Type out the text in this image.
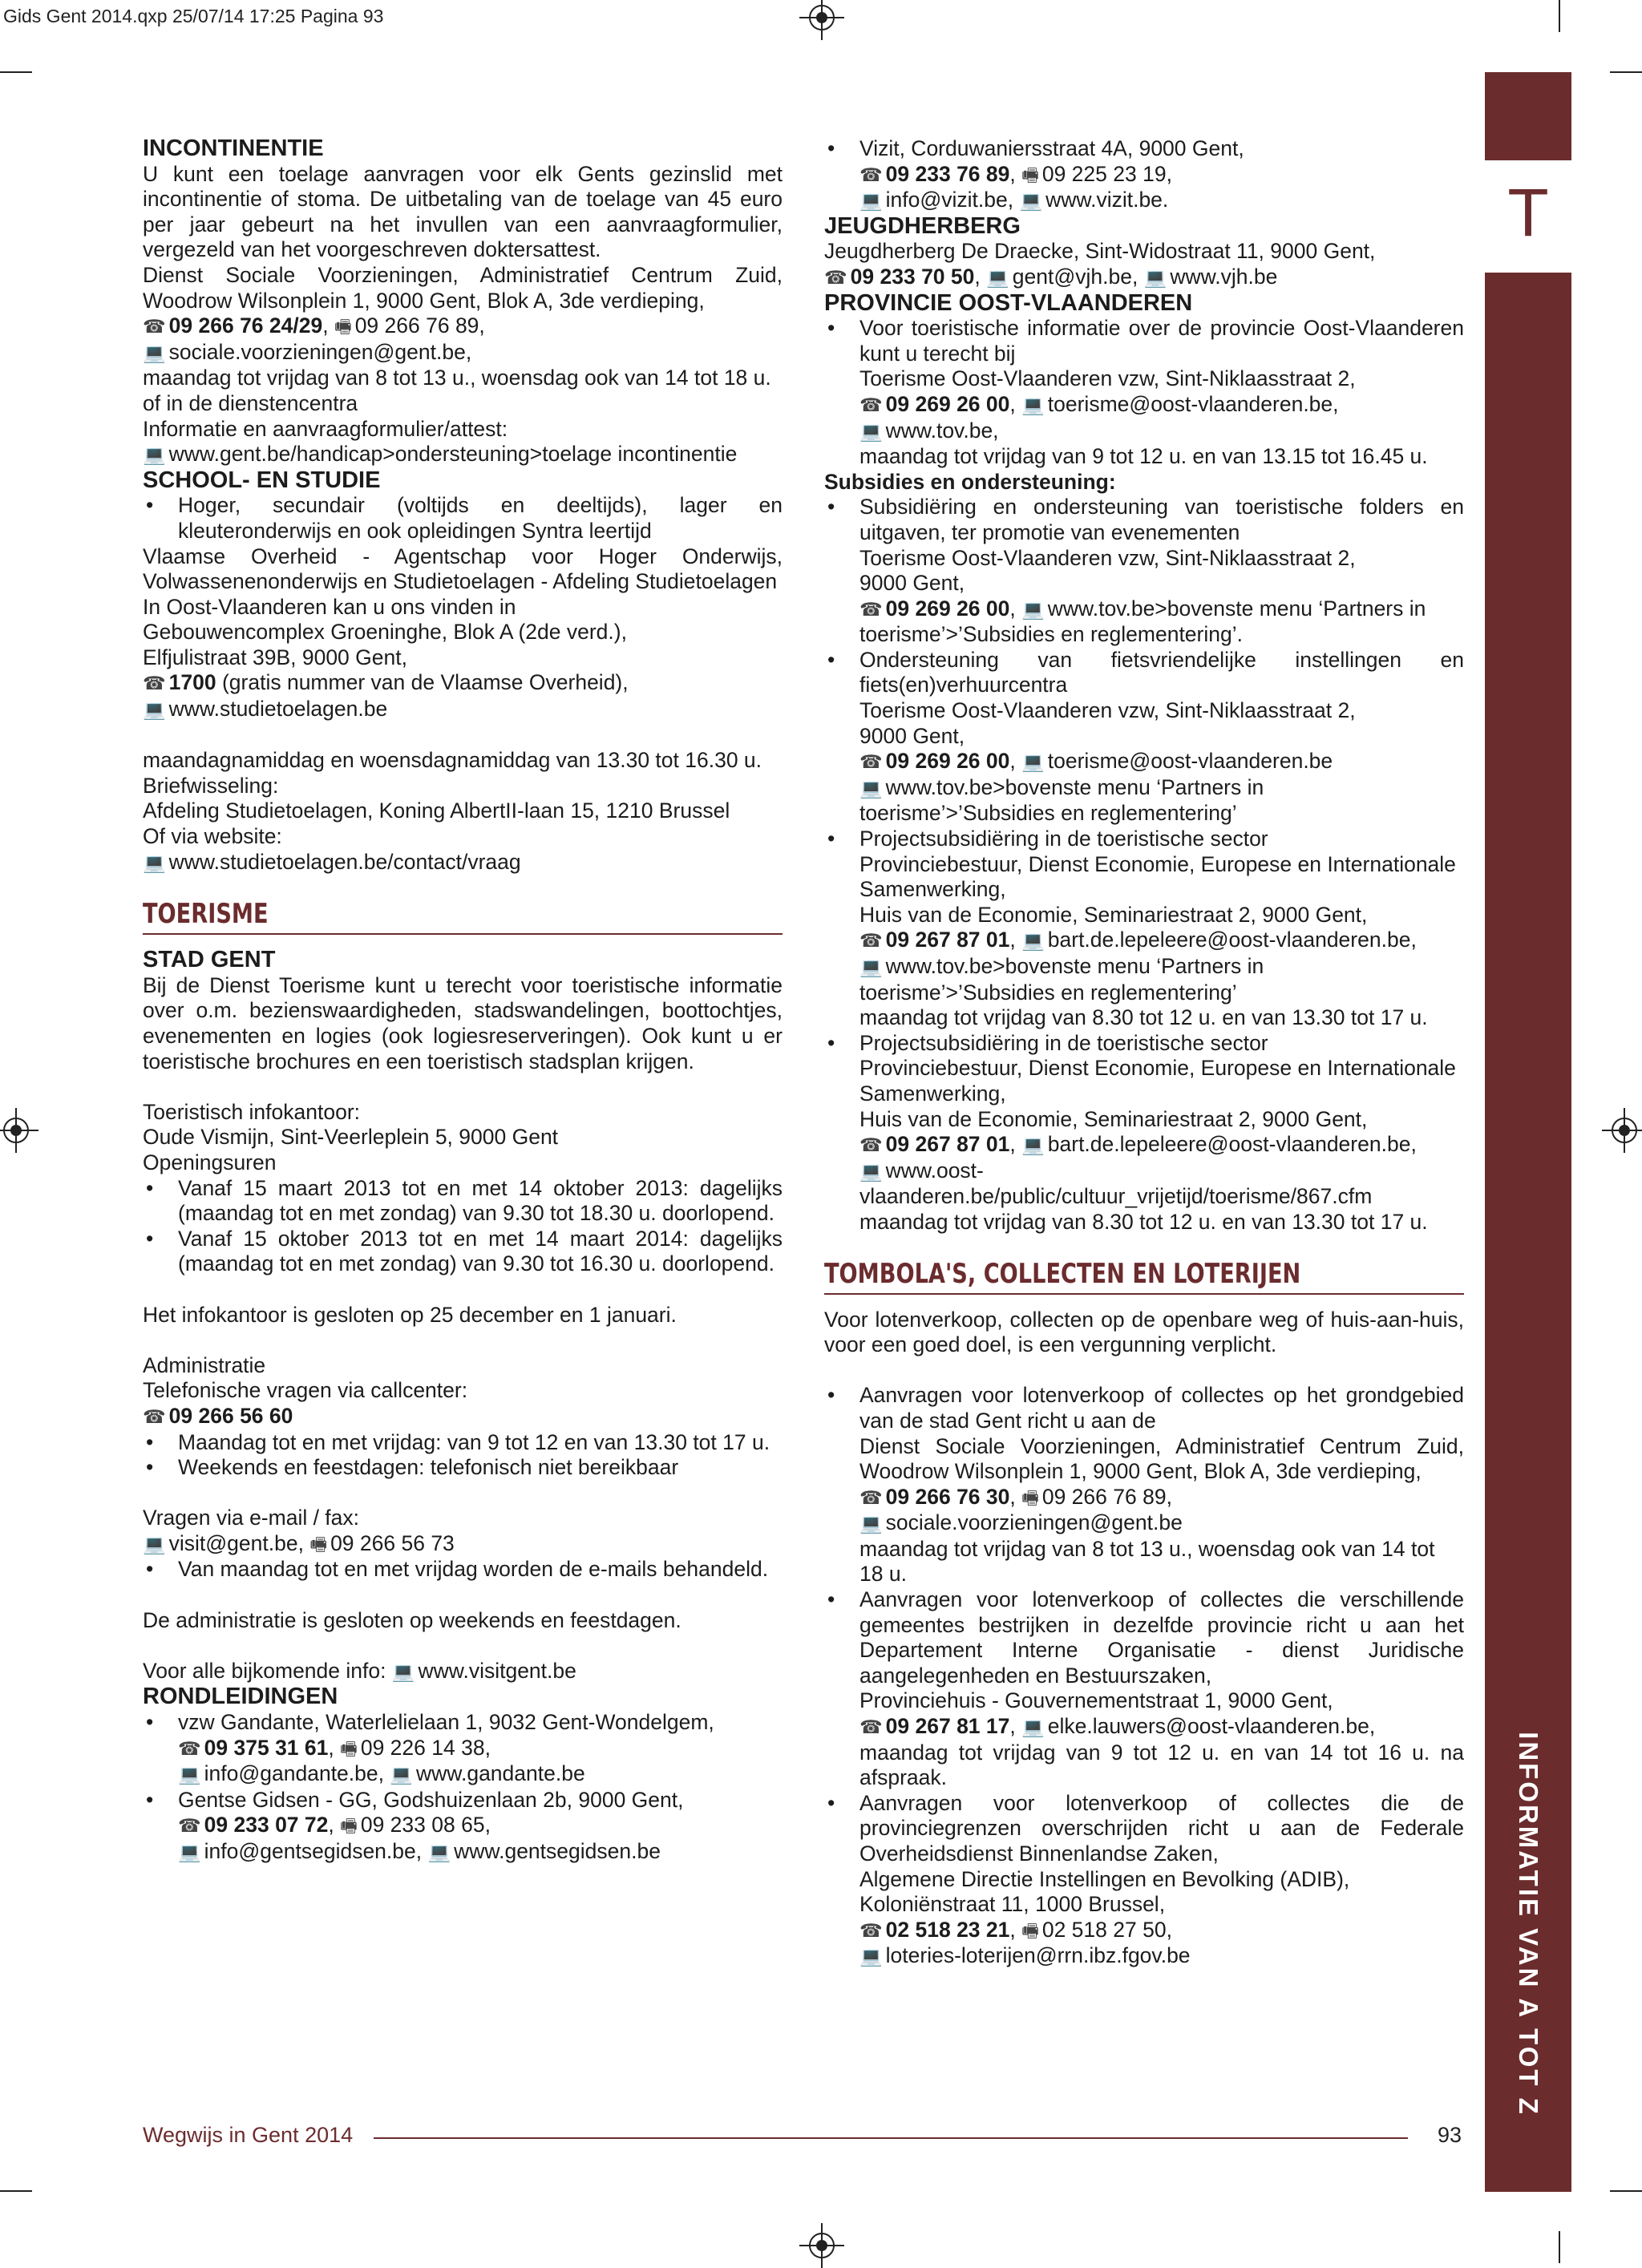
Gids Gent 2014.qxp 25/07/14 17:25 Pagina 93
T
INFORMATIE VAN A TOT Z

INCONTINENTIE

U kunt een toelage aanvragen voor elk Gents gezinslid met incontinentie of stoma. De uitbetaling van de toelage van 45 euro per jaar gebeurt na het invullen van een aanvraagformulier, vergezeld van het voorgeschreven doktersattest.

Dienst Sociale Voorzieningen, Administratief Centrum Zuid, Woodrow Wilsonplein 1, 9000 Gent, Blok A, 3de verdieping,

☎ 09 266 76 24/29, 🖷 09 266 76 89,

💻 sociale.voorzieningen@gent.be,

maandag tot vrijdag van 8 tot 13 u., woensdag ook van 14 tot 18 u. of in de dienstencentra

Informatie en aanvraagformulier/attest:

💻 www.gent.be/handicap>ondersteuning>toelage incontinentie

SCHOOL- EN STUDIE

• Hoger, secundair (voltijds en deeltijds), lager en kleuteronderwijs en ook opleidingen Syntra leertijd

Vlaamse Overheid - Agentschap voor Hoger Onderwijs, Volwassenenonderwijs en Studietoelagen - Afdeling Studietoelagen

In Oost-Vlaanderen kan u ons vinden in

Gebouwencomplex Groeninghe, Blok A (2de verd.),

Elfjulistraat 39B, 9000 Gent,

☎ 1700 (gratis nummer van de Vlaamse Overheid),

💻 www.studietoelagen.be

maandagnamiddag en woensdagnamiddag van 13.30 tot 16.30 u.

Briefwisseling:

Afdeling Studietoelagen, Koning AlbertII-laan 15, 1210 Brussel

Of via website:

💻 www.studietoelagen.be/contact/vraag

TOERISME

STAD GENT

Bij de Dienst Toerisme kunt u terecht voor toeristische informatie over o.m. bezienswaardigheden, stadswandelingen, boottochtjes, evenementen en logies (ook logiesreserveringen). Ook kunt u er toeristische brochures en een toeristisch stadsplan krijgen.

Toeristisch infokantoor:

Oude Vismijn, Sint-Veerleplein 5, 9000 Gent

Openingsuren

• Vanaf 15 maart 2013 tot en met 14 oktober 2013: dagelijks (maandag tot en met zondag) van 9.30 tot 18.30 u. doorlopend.
• Vanaf 15 oktober 2013 tot en met 14 maart 2014: dagelijks (maandag tot en met zondag) van 9.30 tot 16.30 u. doorlopend.

Het infokantoor is gesloten op 25 december en 1 januari.

Administratie

Telefonische vragen via callcenter:

☎ 09 266 56 60

• Maandag tot en met vrijdag: van 9 tot 12 en van 13.30 tot 17 u.
• Weekends en feestdagen: telefonisch niet bereikbaar

Vragen via e-mail / fax:

💻 visit@gent.be, 🖷 09 266 56 73

• Van maandag tot en met vrijdag worden de e-mails behandeld.

De administratie is gesloten op weekends en feestdagen.

Voor alle bijkomende info: 💻 www.visitgent.be

RONDLEIDINGEN

• vzw Gandante, Waterlelielaan 1, 9032 Gent-Wondelgem,
☎ 09 375 31 61, 🖷 09 226 14 38,
💻 info@gandante.be, 💻 www.gandante.be
• Gentse Gidsen - GG, Godshuizenlaan 2b, 9000 Gent,
☎ 09 233 07 72, 🖷 09 233 08 65,
💻 info@gentsegidsen.be, 💻 www.gentsegidsen.be
• Vizit, Corduwaniersstraat 4A, 9000 Gent,
☎ 09 233 76 89, 🖷 09 225 23 19,
💻 info@vizit.be, 💻 www.vizit.be.

JEUGDHERBERG

Jeugdherberg De Draecke, Sint-Widostraat 11, 9000 Gent,

☎ 09 233 70 50, 💻 gent@vjh.be, 💻 www.vjh.be

PROVINCIE OOST-VLAANDEREN

• Voor toeristische informatie over de provincie Oost-Vlaanderen kunt u terecht bij
Toerisme Oost-Vlaanderen vzw, Sint-Niklaasstraat 2,
☎ 09 269 26 00, 💻 toerisme@oost-vlaanderen.be,
💻 www.tov.be,
maandag tot vrijdag van 9 tot 12 u. en van 13.15 tot 16.45 u.

Subsidies en ondersteuning:

• Subsidiëring en ondersteuning van toeristische folders en uitgaven, ter promotie van evenementen
Toerisme Oost-Vlaanderen vzw, Sint-Niklaasstraat 2,
9000 Gent,
☎ 09 269 26 00, 💻 www.tov.be>bovenste menu ‘Partners in toerisme’>’Subsidies en reglementering’.
• Ondersteuning van fietsvriendelijke instellingen en fiets(en)verhuurcentra
Toerisme Oost-Vlaanderen vzw, Sint-Niklaasstraat 2,
9000 Gent,
☎ 09 269 26 00, 💻 toerisme@oost-vlaanderen.be
💻 www.tov.be>bovenste menu ‘Partners in toerisme’>’Subsidies en reglementering’
• Projectsubsidiëring in de toeristische sector
Provinciebestuur, Dienst Economie, Europese en Internationale Samenwerking,
Huis van de Economie, Seminariestraat 2, 9000 Gent,
☎ 09 267 87 01, 💻 bart.de.lepeleere@oost-vlaanderen.be,
💻 www.tov.be>bovenste menu ‘Partners in toerisme’>’Subsidies en reglementering’
maandag tot vrijdag van 8.30 tot 12 u. en van 13.30 tot 17 u.
• Projectsubsidiëring in de toeristische sector
Provinciebestuur, Dienst Economie, Europese en Internationale Samenwerking,
Huis van de Economie, Seminariestraat 2, 9000 Gent,
☎ 09 267 87 01, 💻 bart.de.lepeleere@oost-vlaanderen.be,
💻 www.oost-vlaanderen.be/public/cultuur_vrijetijd/toerisme/867.cfm
maandag tot vrijdag van 8.30 tot 12 u. en van 13.30 tot 17 u.
TOMBOLA'S, COLLECTEN EN LOTERIJEN

Voor lotenverkoop, collecten op de openbare weg of huis-aan-huis, voor een goed doel, is een vergunning verplicht.

• Aanvragen voor lotenverkoop of collectes op het grondgebied van de stad Gent richt u aan de
Dienst Sociale Voorzieningen, Administratief Centrum Zuid, Woodrow Wilsonplein 1, 9000 Gent, Blok A, 3de verdieping,
☎ 09 266 76 30, 🖷 09 266 76 89,
💻 sociale.voorzieningen@gent.be
maandag tot vrijdag van 8 tot 13 u., woensdag ook van 14 tot 18 u.
• Aanvragen voor lotenverkoop of collectes die verschillende gemeentes bestrijken in dezelfde provincie richt u aan het Departement Interne Organisatie - dienst Juridische aangelegenheden en Bestuurszaken,
Provinciehuis - Gouvernementstraat 1, 9000 Gent,
☎ 09 267 81 17, 💻 elke.lauwers@oost-vlaanderen.be,
maandag tot vrijdag van 9 tot 12 u. en van 14 tot 16 u. na afspraak.
• Aanvragen voor lotenverkoop of collectes die de provinciegrenzen overschrijden richt u aan de Federale Overheidsdienst Binnenlandse Zaken,
Algemene Directie Instellingen en Bevolking (ADIB),
Koloniënstraat 11, 1000 Brussel,
☎ 02 518 23 21, 🖷 02 518 27 50,
💻 loteries-loterijen@rrn.ibz.fgov.be
Wegwijs in Gent 2014	93
